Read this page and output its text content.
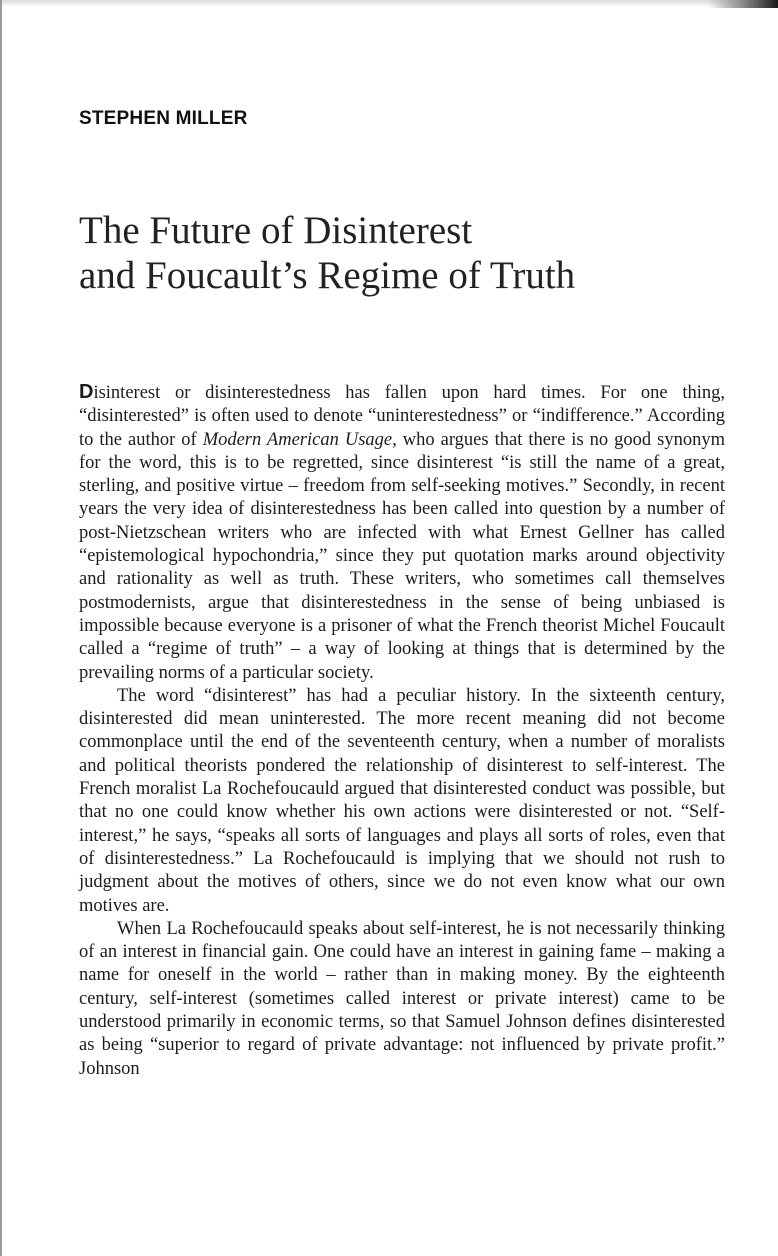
STEPHEN MILLER
The Future of Disinterest
and Foucault’s Regime of Truth

Disinterest or disinterestedness has fallen upon hard times. For one thing, “disinterested” is often used to denote “uninterestedness” or “indifference.” According to the author of Modern American Usage, who argues that there is no good synonym for the word, this is to be regretted, since disinterest “is still the name of a great, sterling, and positive virtue – freedom from self-seeking motives.” Secondly, in recent years the very idea of disinterestedness has been called into question by a number of post-Nietzschean writers who are infected with what Ernest Gellner has called “epistemological hypochondria,” since they put quotation marks around objectivity and rationality as well as truth. These writers, who sometimes call themselves postmodernists, argue that disinterestedness in the sense of being unbiased is impossible because everyone is a prisoner of what the French theorist Michel Foucault called a “regime of truth” – a way of looking at things that is determined by the prevailing norms of a particular society.

The word “disinterest” has had a peculiar history. In the sixteenth century, disinterested did mean uninterested. The more recent meaning did not become commonplace until the end of the seventeenth century, when a number of moralists and political theorists pondered the relationship of disinterest to self-interest. The French moralist La Rochefoucauld argued that disinterested conduct was possible, but that no one could know whether his own actions were disinterested or not. “Self-interest,” he says, “speaks all sorts of languages and plays all sorts of roles, even that of disinterestedness.” La Rochefoucauld is implying that we should not rush to judgment about the motives of others, since we do not even know what our own motives are.

When La Rochefoucauld speaks about self-interest, he is not necessarily thinking of an interest in financial gain. One could have an interest in gaining fame – making a name for oneself in the world – rather than in making money. By the eighteenth century, self-interest (sometimes called interest or private interest) came to be understood primarily in economic terms, so that Samuel Johnson defines disinterested as being “superior to regard of private advantage: not influenced by private profit.” Johnson
